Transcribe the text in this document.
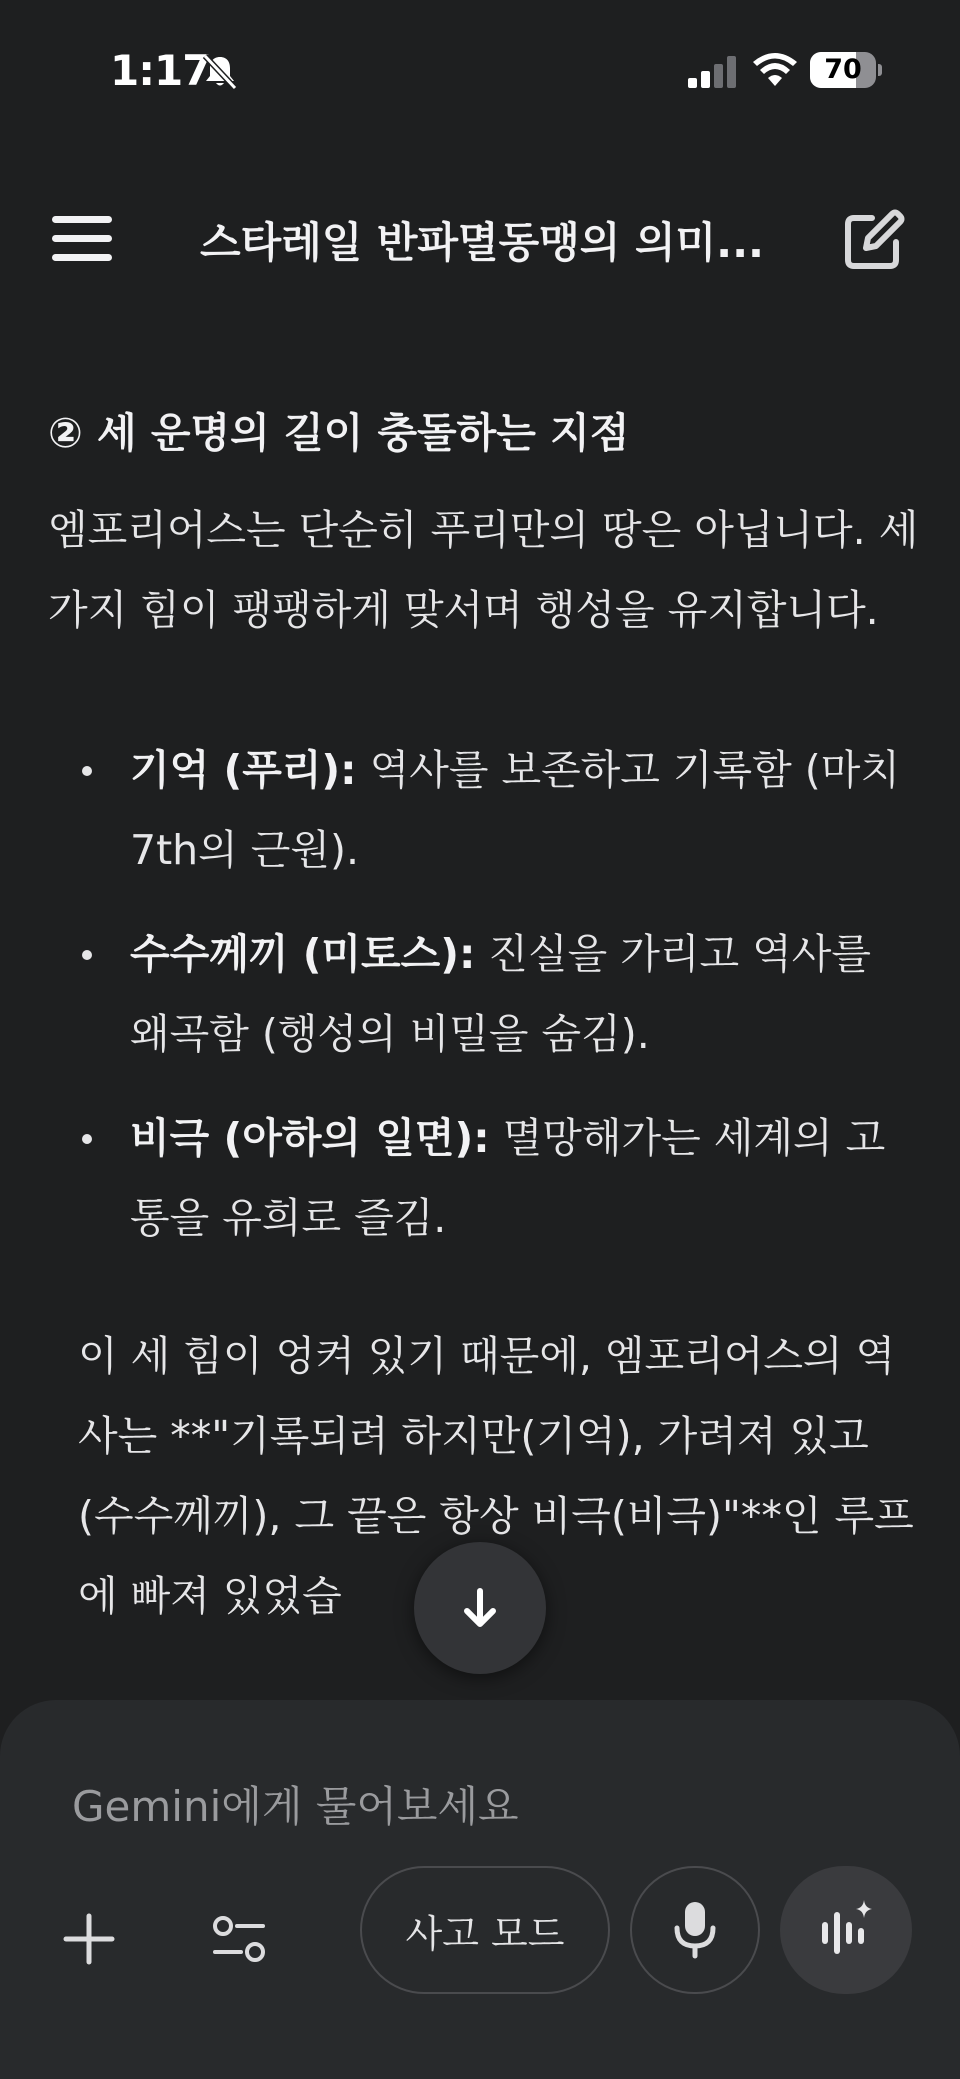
1:17	70
스타레일 반파멸동맹의 의미...
② 세 운명의 길이 충돌하는 지점
엠포리어스는 단순히 푸리만의 땅은 아닙니다. 세 가지 힘이 팽팽하게 맞서며 행성을 유지합니다.
기억 (푸리): 역사를 보존하고 기록함 (마치 7th의 근원).
수수께끼 (미토스): 진실을 가리고 역사를 왜곡함 (행성의 비밀을 숨김).
비극 (아하의 일면): 멸망해가는 세계의 고통을 유희로 즐김.
이 세 힘이 엉켜 있기 때문에, 엠포리어스의 역사는 **"기록되려 하지만(기억), 가려져 있고(수수께끼), 그 끝은 항상 비극(비극)"**인 루프에 빠져 있었습
Gemini에게 물어보세요
사고 모드
